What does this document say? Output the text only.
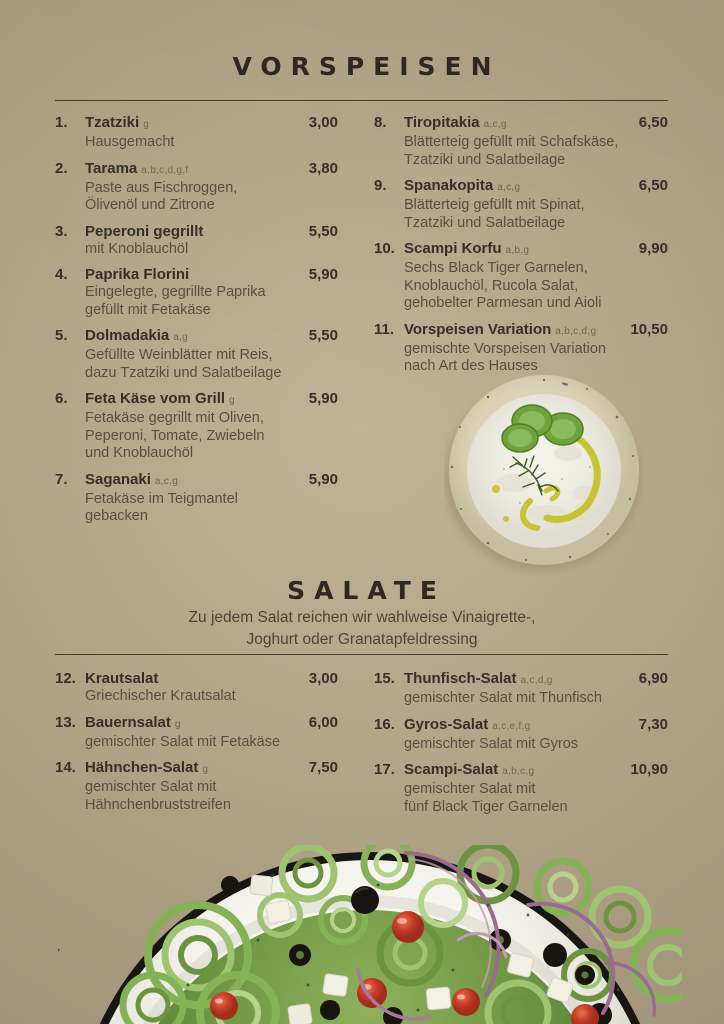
VORSPEISEN
1. Tzatziki g	3,00
Hausgemacht
2. Tarama a,b,c,d,g,f	3,80
Paste aus Fischroggen,
Ölivenöl und Zitrone
3. Peperoni gegrillt	5,50
mit Knoblauchöl
4. Paprika Florini	5,90
Eingelegte, gegrillte Paprika
gefüllt mit Fetakäse
5. Dolmadakia a,g	5,50
Gefüllte Weinblätter mit Reis,
dazu Tzatziki und Salatbeilage
6. Feta Käse vom Grill g	5,90
Fetakäse gegrillt mit Oliven,
Peperoni, Tomate, Zwiebeln
und Knoblauchöl
7. Saganaki a,c,g	5,90
Fetakäse im Teigmantel
gebacken
8. Tiropitakia a,c,g	6,50
Blätterteig gefüllt mit Schafskäse,
Tzatziki und Salatbeilage
9. Spanakopita a,c,g	6,50
Blätterteig gefüllt mit Spinat,
Tzatziki und Salatbeilage
10. Scampi Korfu a,b,g	9,90
Sechs Black Tiger Garnelen,
Knoblauchöl, Rucola Salat,
gehobelter Parmesan und Aioli
11. Vorspeisen Variation a,b,c,d,g	10,50
gemischte Vorspeisen Variation
nach Art des Hauses
SALATE
Zu jedem Salat reichen wir wahlweise Vinaigrette-,
Joghurt oder Granatapfeldressing
12. Krautsalat	3,00
Griechischer Krautsalat
13. Bauernsalat g	6,00
gemischter Salat mit Fetakäse
14. Hähnchen-Salat g	7,50
gemischter Salat mit
Hähnchenbruststreifen
15. Thunfisch-Salat a,c,d,g	6,90
gemischter Salat mit Thunfisch
16. Gyros-Salat a,c,e,f,g	7,30
gemischter Salat mit Gyros
17. Scampi-Salat a,b,c,g	10,90
gemischter Salat mit
fünf Black Tiger Garnelen
